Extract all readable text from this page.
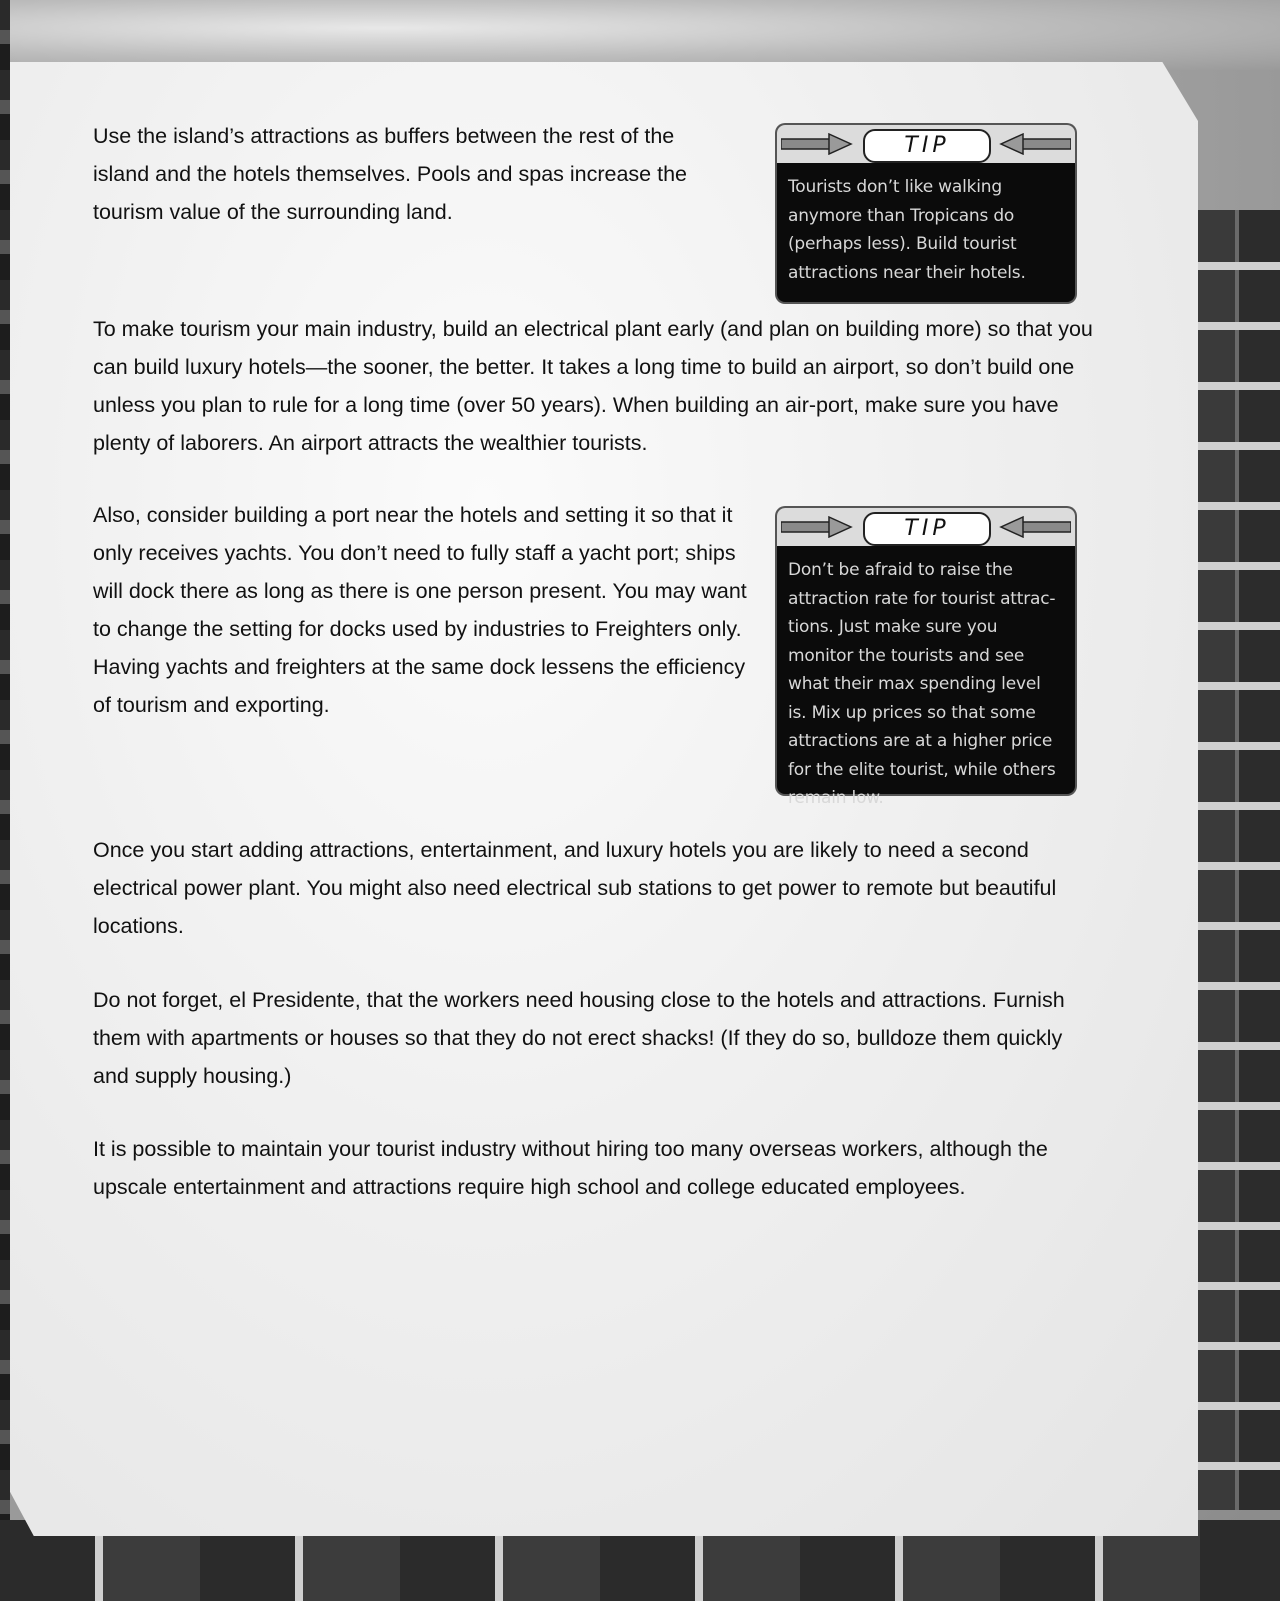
Use the island’s attractions as buffers between the rest of the island and the hotels themselves. Pools and spas increase the tourism value of the surrounding land.

TIP
Tourists don’t like walking anymore than Tropicans do (perhaps less). Build tourist attractions near their hotels.

To make tourism your main industry, build an electrical plant early (and plan on building more) so that you can build luxury hotels—the sooner, the better. It takes a long time to build an airport, so don’t build one unless you plan to rule for a long time (over 50 years). When building an air-port, make sure you have plenty of laborers. An airport attracts the wealthier tourists.

Also, consider building a port near the hotels and setting it so that it only receives yachts. You don’t need to fully staff a yacht port; ships will dock there as long as there is one person present. You may want to change the setting for docks used by industries to Freighters only. Having yachts and freighters at the same dock lessens the efficiency of tourism and exporting.

TIP
Don’t be afraid to raise the attraction rate for tourist attrac-tions. Just make sure you monitor the tourists and see what their max spending level is. Mix up prices so that some attractions are at a higher price for the elite tourist, while others remain low.

Once you start adding attractions, entertainment, and luxury hotels you are likely to need a second electrical power plant. You might also need electrical sub stations to get power to remote but beautiful locations.

Do not forget, el Presidente, that the workers need housing close to the hotels and attractions. Furnish them with apartments or houses so that they do not erect shacks! (If they do so, bulldoze them quickly and supply housing.)

It is possible to maintain your tourist industry without hiring too many overseas workers, although the upscale entertainment and attractions require high school and college educated employees.
